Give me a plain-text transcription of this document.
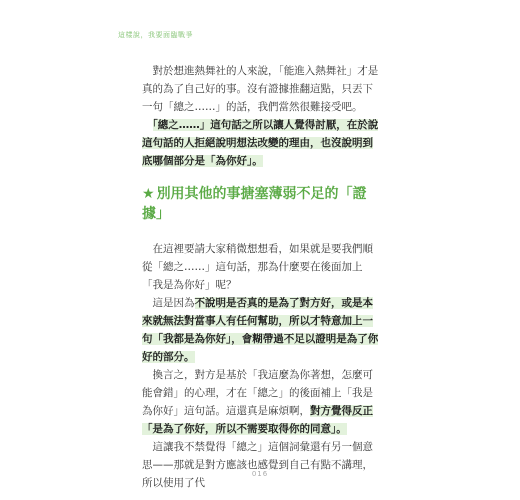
這樣說，我要面臨戰爭

對於想進熱舞社的人來說，「能進入熱舞社」才是真的為了自己好的事。沒有證據推翻這點，只丟下一句「總之……」的話，我們當然很難接受吧。

「總之……」這句話之所以讓人覺得討厭，在於說這句話的人拒絕說明想法改變的理由，也沒說明到底哪個部分是「為你好」。

★ 別用其他的事搪塞薄弱不足的「證據」

在這裡要請大家稍微想想看，如果就是要我們順從「總之……」這句話，那為什麼要在後面加上「我是為你好」呢？

這是因為不說明是否真的是為了對方好，或是本來就無法對當事人有任何幫助，所以才特意加上一句「我都是為你好」，會糊帶過不足以證明是為了你好的部分。

換言之，對方是基於「我這麼為你著想，怎麼可能會錯」的心理，才在「總之」的後面補上「我是為你好」這句話。這還真是麻煩啊，對方覺得反正「是為了你好，所以不需要取得你的同意」。

這讓我不禁覺得「總之」這個詞彙還有另一個意思——那就是對方應該也感覺到自己有點不講理，所以使用了代

016
